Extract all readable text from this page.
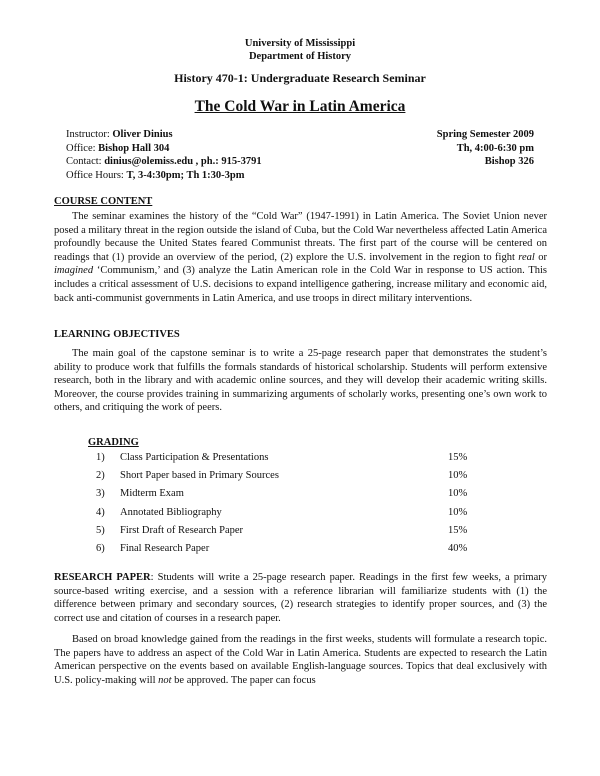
University of Mississippi
Department of History
History 470-1: Undergraduate Research Seminar
The Cold War in Latin America
Instructor: Oliver Dinius	Spring Semester 2009
Office: Bishop Hall 304	Th, 4:00-6:30 pm
Contact: dinius@olemiss.edu , ph.: 915-3791	Bishop 326
Office Hours: T, 3-4:30pm; Th 1:30-3pm
COURSE CONTENT
The seminar examines the history of the “Cold War” (1947-1991) in Latin America. The Soviet Union never posed a military threat in the region outside the island of Cuba, but the Cold War nevertheless affected Latin America profoundly because the United States feared Communist threats. The first part of the course will be centered on readings that (1) provide an overview of the period, (2) explore the U.S. involvement in the region to fight real or imagined ‘Communism,’ and (3) analyze the Latin American role in the Cold War in response to US action. This includes a critical assessment of U.S. decisions to expand intelligence gathering, increase military and economic aid, back anti-communist governments in Latin America, and use troops in direct military interventions.
LEARNING OBJECTIVES
The main goal of the capstone seminar is to write a 25-page research paper that demonstrates the student’s ability to produce work that fulfills the formals standards of historical scholarship. Students will perform extensive research, both in the library and with academic online sources, and they will develop their academic writing skills. Moreover, the course provides training in summarizing arguments of scholarly works, presenting one’s own work to others, and critiquing the work of peers.
GRADING
1) Class Participation & Presentations	15%
2) Short Paper based in Primary Sources	10%
3) Midterm Exam	10%
4) Annotated Bibliography	10%
5) First Draft of Research Paper	15%
6) Final Research Paper	40%
RESEARCH PAPER: Students will write a 25-page research paper. Readings in the first few weeks, a primary source-based writing exercise, and a session with a reference librarian will familiarize students with (1) the difference between primary and secondary sources, (2) research strategies to identify proper sources, and (3) the correct use and citation of courses in a research paper.
Based on broad knowledge gained from the readings in the first weeks, students will formulate a research topic. The papers have to address an aspect of the Cold War in Latin America. Students are expected to research the Latin American perspective on the events based on available English-language sources. Topics that deal exclusively with U.S. policy-making will not be approved. The paper can focus
